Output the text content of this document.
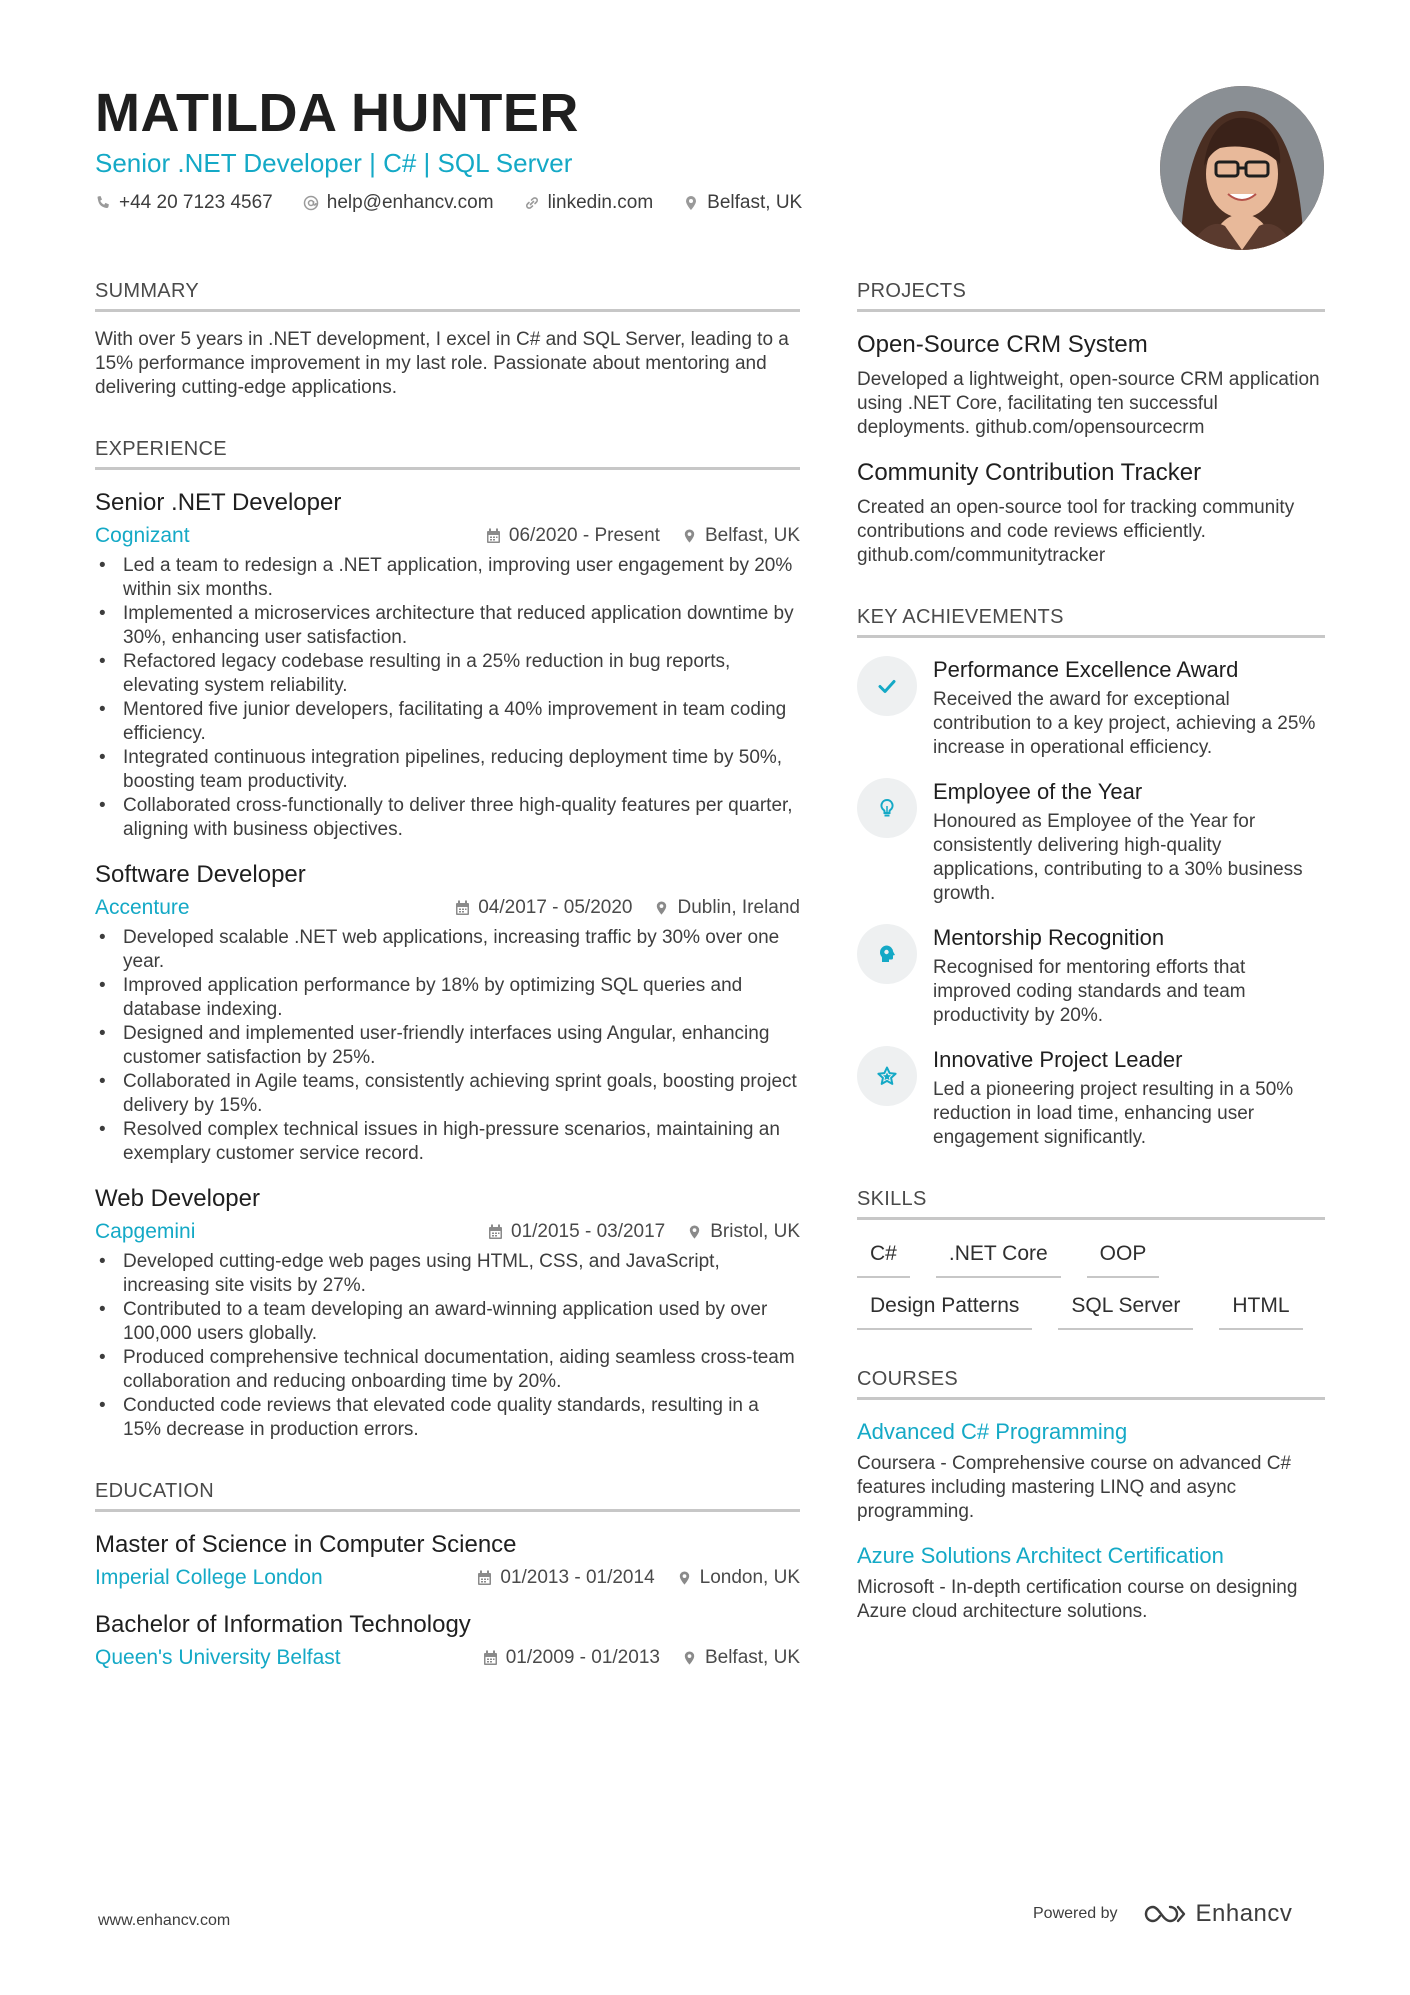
MATILDA HUNTER
Senior .NET Developer | C# | SQL Server
+44 20 7123 4567	help@enhancv.com	linkedin.com	Belfast, UK
SUMMARY
With over 5 years in .NET development, I excel in C# and SQL Server, leading to a 15% performance improvement in my last role. Passionate about mentoring and delivering cutting-edge applications.
EXPERIENCE
Senior .NET Developer
Cognizant	06/2020 - Present Belfast, UK
• Led a team to redesign a .NET application, improving user engagement by 20% within six months.
• Implemented a microservices architecture that reduced application downtime by 30%, enhancing user satisfaction.
• Refactored legacy codebase resulting in a 25% reduction in bug reports, elevating system reliability.
• Mentored five junior developers, facilitating a 40% improvement in team coding efficiency.
• Integrated continuous integration pipelines, reducing deployment time by 50%, boosting team productivity.
• Collaborated cross-functionally to deliver three high-quality features per quarter, aligning with business objectives.
Software Developer
Accenture	04/2017 - 05/2020 Dublin, Ireland
• Developed scalable .NET web applications, increasing traffic by 30% over one year.
• Improved application performance by 18% by optimizing SQL queries and database indexing.
• Designed and implemented user-friendly interfaces using Angular, enhancing customer satisfaction by 25%.
• Collaborated in Agile teams, consistently achieving sprint goals, boosting project delivery by 15%.
• Resolved complex technical issues in high-pressure scenarios, maintaining an exemplary customer service record.
Web Developer
Capgemini	01/2015 - 03/2017 Bristol, UK
• Developed cutting-edge web pages using HTML, CSS, and JavaScript, increasing site visits by 27%.
• Contributed to a team developing an award-winning application used by over 100,000 users globally.
• Produced comprehensive technical documentation, aiding seamless cross-team collaboration and reducing onboarding time by 20%.
• Conducted code reviews that elevated code quality standards, resulting in a 15% decrease in production errors.
EDUCATION
Master of Science in Computer Science
Imperial College London	01/2013 - 01/2014 London, UK
Bachelor of Information Technology
Queen's University Belfast	01/2009 - 01/2013 Belfast, UK
PROJECTS
Open-Source CRM System
Developed a lightweight, open-source CRM application using .NET Core, facilitating ten successful deployments. github.com/opensourcecrm
Community Contribution Tracker
Created an open-source tool for tracking community contributions and code reviews efficiently. github.com/communitytracker
KEY ACHIEVEMENTS
Performance Excellence Award
Received the award for exceptional contribution to a key project, achieving a 25% increase in operational efficiency.
Employee of the Year
Honoured as Employee of the Year for consistently delivering high-quality applications, contributing to a 30% business growth.
Mentorship Recognition
Recognised for mentoring efforts that improved coding standards and team productivity by 20%.
Innovative Project Leader
Led a pioneering project resulting in a 50% reduction in load time, enhancing user engagement significantly.
SKILLS
C#	.NET Core	OOP
Design Patterns	SQL Server	HTML
COURSES
Advanced C# Programming
Coursera - Comprehensive course on advanced C# features including mastering LINQ and async programming.
Azure Solutions Architect Certification
Microsoft - In-depth certification course on designing Azure cloud architecture solutions.
www.enhancv.com	Powered by	Enhancv
